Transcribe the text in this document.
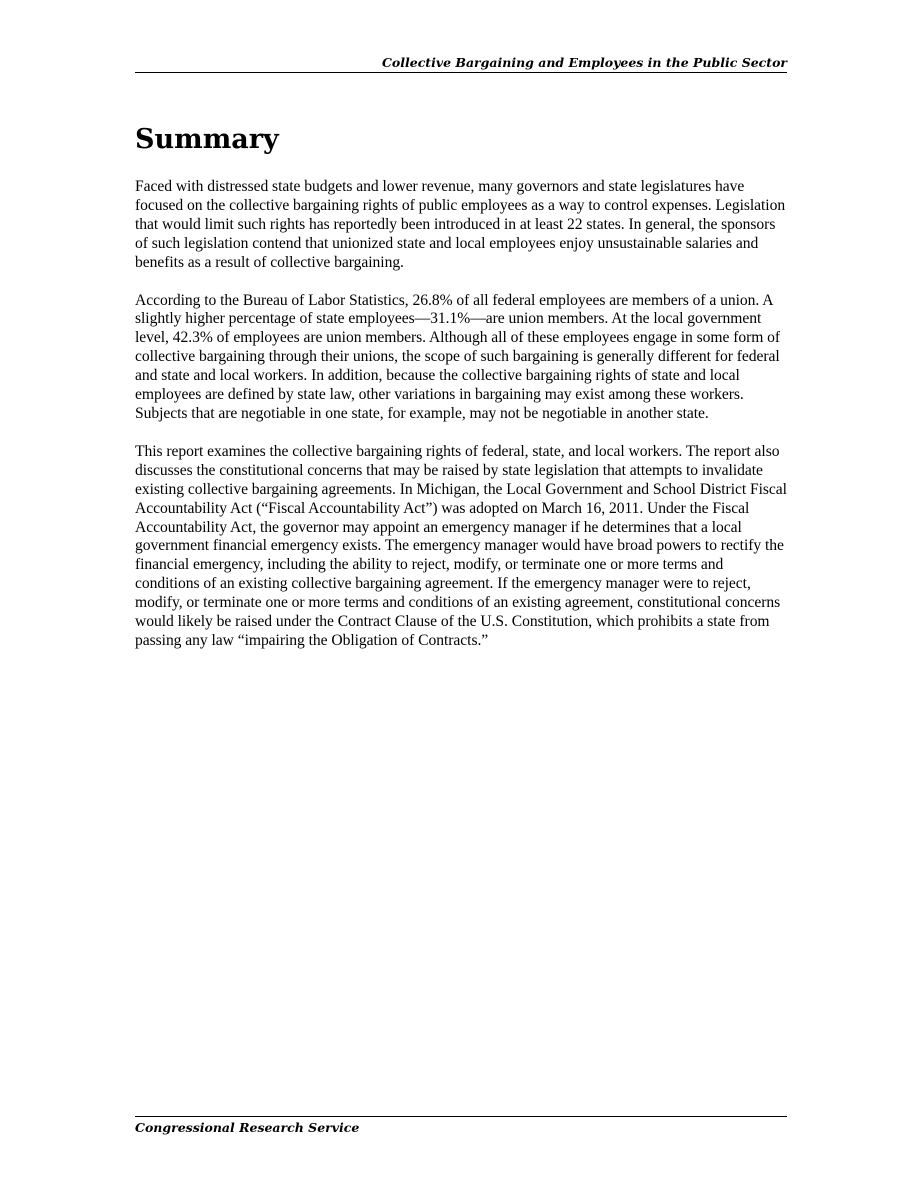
Collective Bargaining and Employees in the Public Sector
Summary

Faced with distressed state budgets and lower revenue, many governors and state legislatures have focused on the collective bargaining rights of public employees as a way to control expenses. Legislation that would limit such rights has reportedly been introduced in at least 22 states. In general, the sponsors of such legislation contend that unionized state and local employees enjoy unsustainable salaries and benefits as a result of collective bargaining.

According to the Bureau of Labor Statistics, 26.8% of all federal employees are members of a union. A slightly higher percentage of state employees—31.1%—are union members. At the local government level, 42.3% of employees are union members. Although all of these employees engage in some form of collective bargaining through their unions, the scope of such bargaining is generally different for federal and state and local workers. In addition, because the collective bargaining rights of state and local employees are defined by state law, other variations in bargaining may exist among these workers. Subjects that are negotiable in one state, for example, may not be negotiable in another state.

This report examines the collective bargaining rights of federal, state, and local workers. The report also discusses the constitutional concerns that may be raised by state legislation that attempts to invalidate existing collective bargaining agreements. In Michigan, the Local Government and School District Fiscal Accountability Act (“Fiscal Accountability Act”) was adopted on March 16, 2011. Under the Fiscal Accountability Act, the governor may appoint an emergency manager if he determines that a local government financial emergency exists. The emergency manager would have broad powers to rectify the financial emergency, including the ability to reject, modify, or terminate one or more terms and conditions of an existing collective bargaining agreement. If the emergency manager were to reject, modify, or terminate one or more terms and conditions of an existing agreement, constitutional concerns would likely be raised under the Contract Clause of the U.S. Constitution, which prohibits a state from passing any law “impairing the Obligation of Contracts.”

Congressional Research Service
